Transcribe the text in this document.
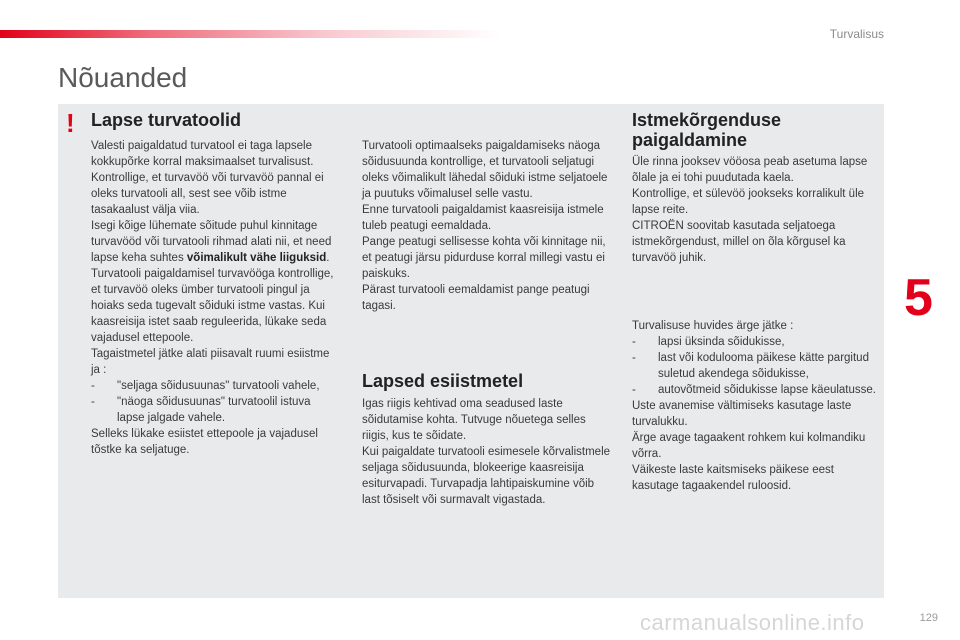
Turvalisus
5
Nõuanded
! Lapse turvatoolid

Valesti paigaldatud turvatool ei taga lapsele kokkupõrke korral maksimaalset turvalisust. Kontrollige, et turvavöö või turvavöö pannal ei oleks turvatooli all, sest see võib istme tasakaalust välja viia.

Isegi kõige lühemate sõitude puhul kinnitage turvavööd või turvatooli rihmad alati nii, et need lapse keha suhtes võimalikult vähe liiguksid.

Turvatooli paigaldamisel turvavööga kontrollige, et turvavöö oleks ümber turvatooli pingul ja hoiaks seda tugevalt sõiduki istme vastas. Kui kaasreisija istet saab reguleerida, lükake seda vajadusel ettepoole.

Tagaistmetel jätke alati piisavalt ruumi esiistme ja :

-	"seljaga sõidusuunas" turvatooli vahele,
-	"näoga sõidusuunas" turvatoolil istuva lapse jalgade vahele.

Selleks lükake esiistet ettepoole ja vajadusel tõstke ka seljatuge.

Turvatooli optimaalseks paigaldamiseks näoga sõidusuunda kontrollige, et turvatooli seljatugi oleks võimalikult lähedal sõiduki istme seljatoele ja puutuks võimalusel selle vastu.

Enne turvatooli paigaldamist kaasreisija istmele tuleb peatugi eemaldada.

Pange peatugi sellisesse kohta või kinnitage nii, et peatugi järsu pidurduse korral millegi vastu ei paiskuks.

Pärast turvatooli eemaldamist pange peatugi tagasi.

Lapsed esiistmetel

Igas riigis kehtivad oma seadused laste sõidutamise kohta. Tutvuge nõuetega selles riigis, kus te sõidate.

Kui paigaldate turvatooli esimesele kõrvalistmele seljaga sõidusuunda, blokeerige kaasreisija esiturvapadi. Turvapadja lahtipaiskumine võib last tõsiselt või surmavalt vigastada.

Istmekõrgenduse paigaldamine

Üle rinna jooksev vööosa peab asetuma lapse õlale ja ei tohi puudutada kaela.

Kontrollige, et sülevöö jookseks korralikult üle lapse reite.

CITROËN soovitab kasutada seljatoega istmekõrgendust, millel on õla kõrgusel ka turvavöö juhik.

Turvalisuse huvides ärge jätke :

-	lapsi üksinda sõidukisse,
-	last või koduloomа päikese kätte pargitud suletud akendega sõidukisse,
-	autovõtmeid sõidukisse lapse käeulatusse.

Uste avanemise vältimiseks kasutage laste turvalukku.

Ärge avage tagaakent rohkem kui kolmandiku võrra.

Väikeste laste kaitsmiseks päikese eest kasutage tagaakendel ruloosid.

carmanualsonline.info	129
